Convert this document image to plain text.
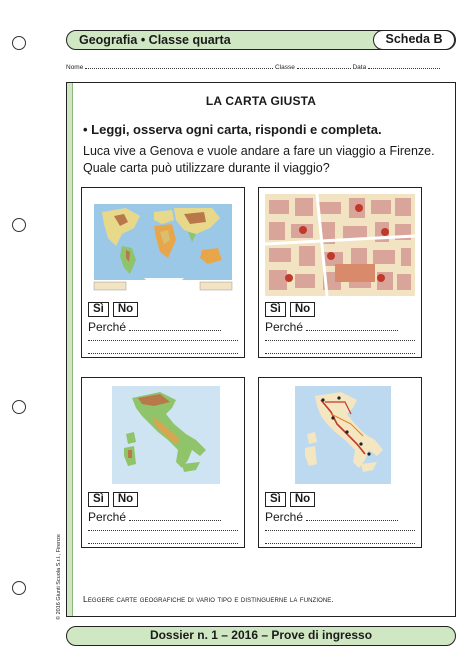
Geografia • Classe quarta	Scheda B
Nome	Classe	Data
LA CARTA GIUSTA
• Leggi, osserva ogni carta, rispondi e completa.
Luca vive a Genova e vuole andare a fare un viaggio a Firenze.
Quale carta può utilizzare durante il viaggio?
Sì	No
Perché
Sì	No
Perché
Sì	No
Perché
Sì	No
Perché
Leggere carte geografiche di vario tipo e distinguerne la funzione.
© 2016 Giunti Scuola S.r.l., Firenze
Dossier n. 1 – 2016 – Prove di ingresso
